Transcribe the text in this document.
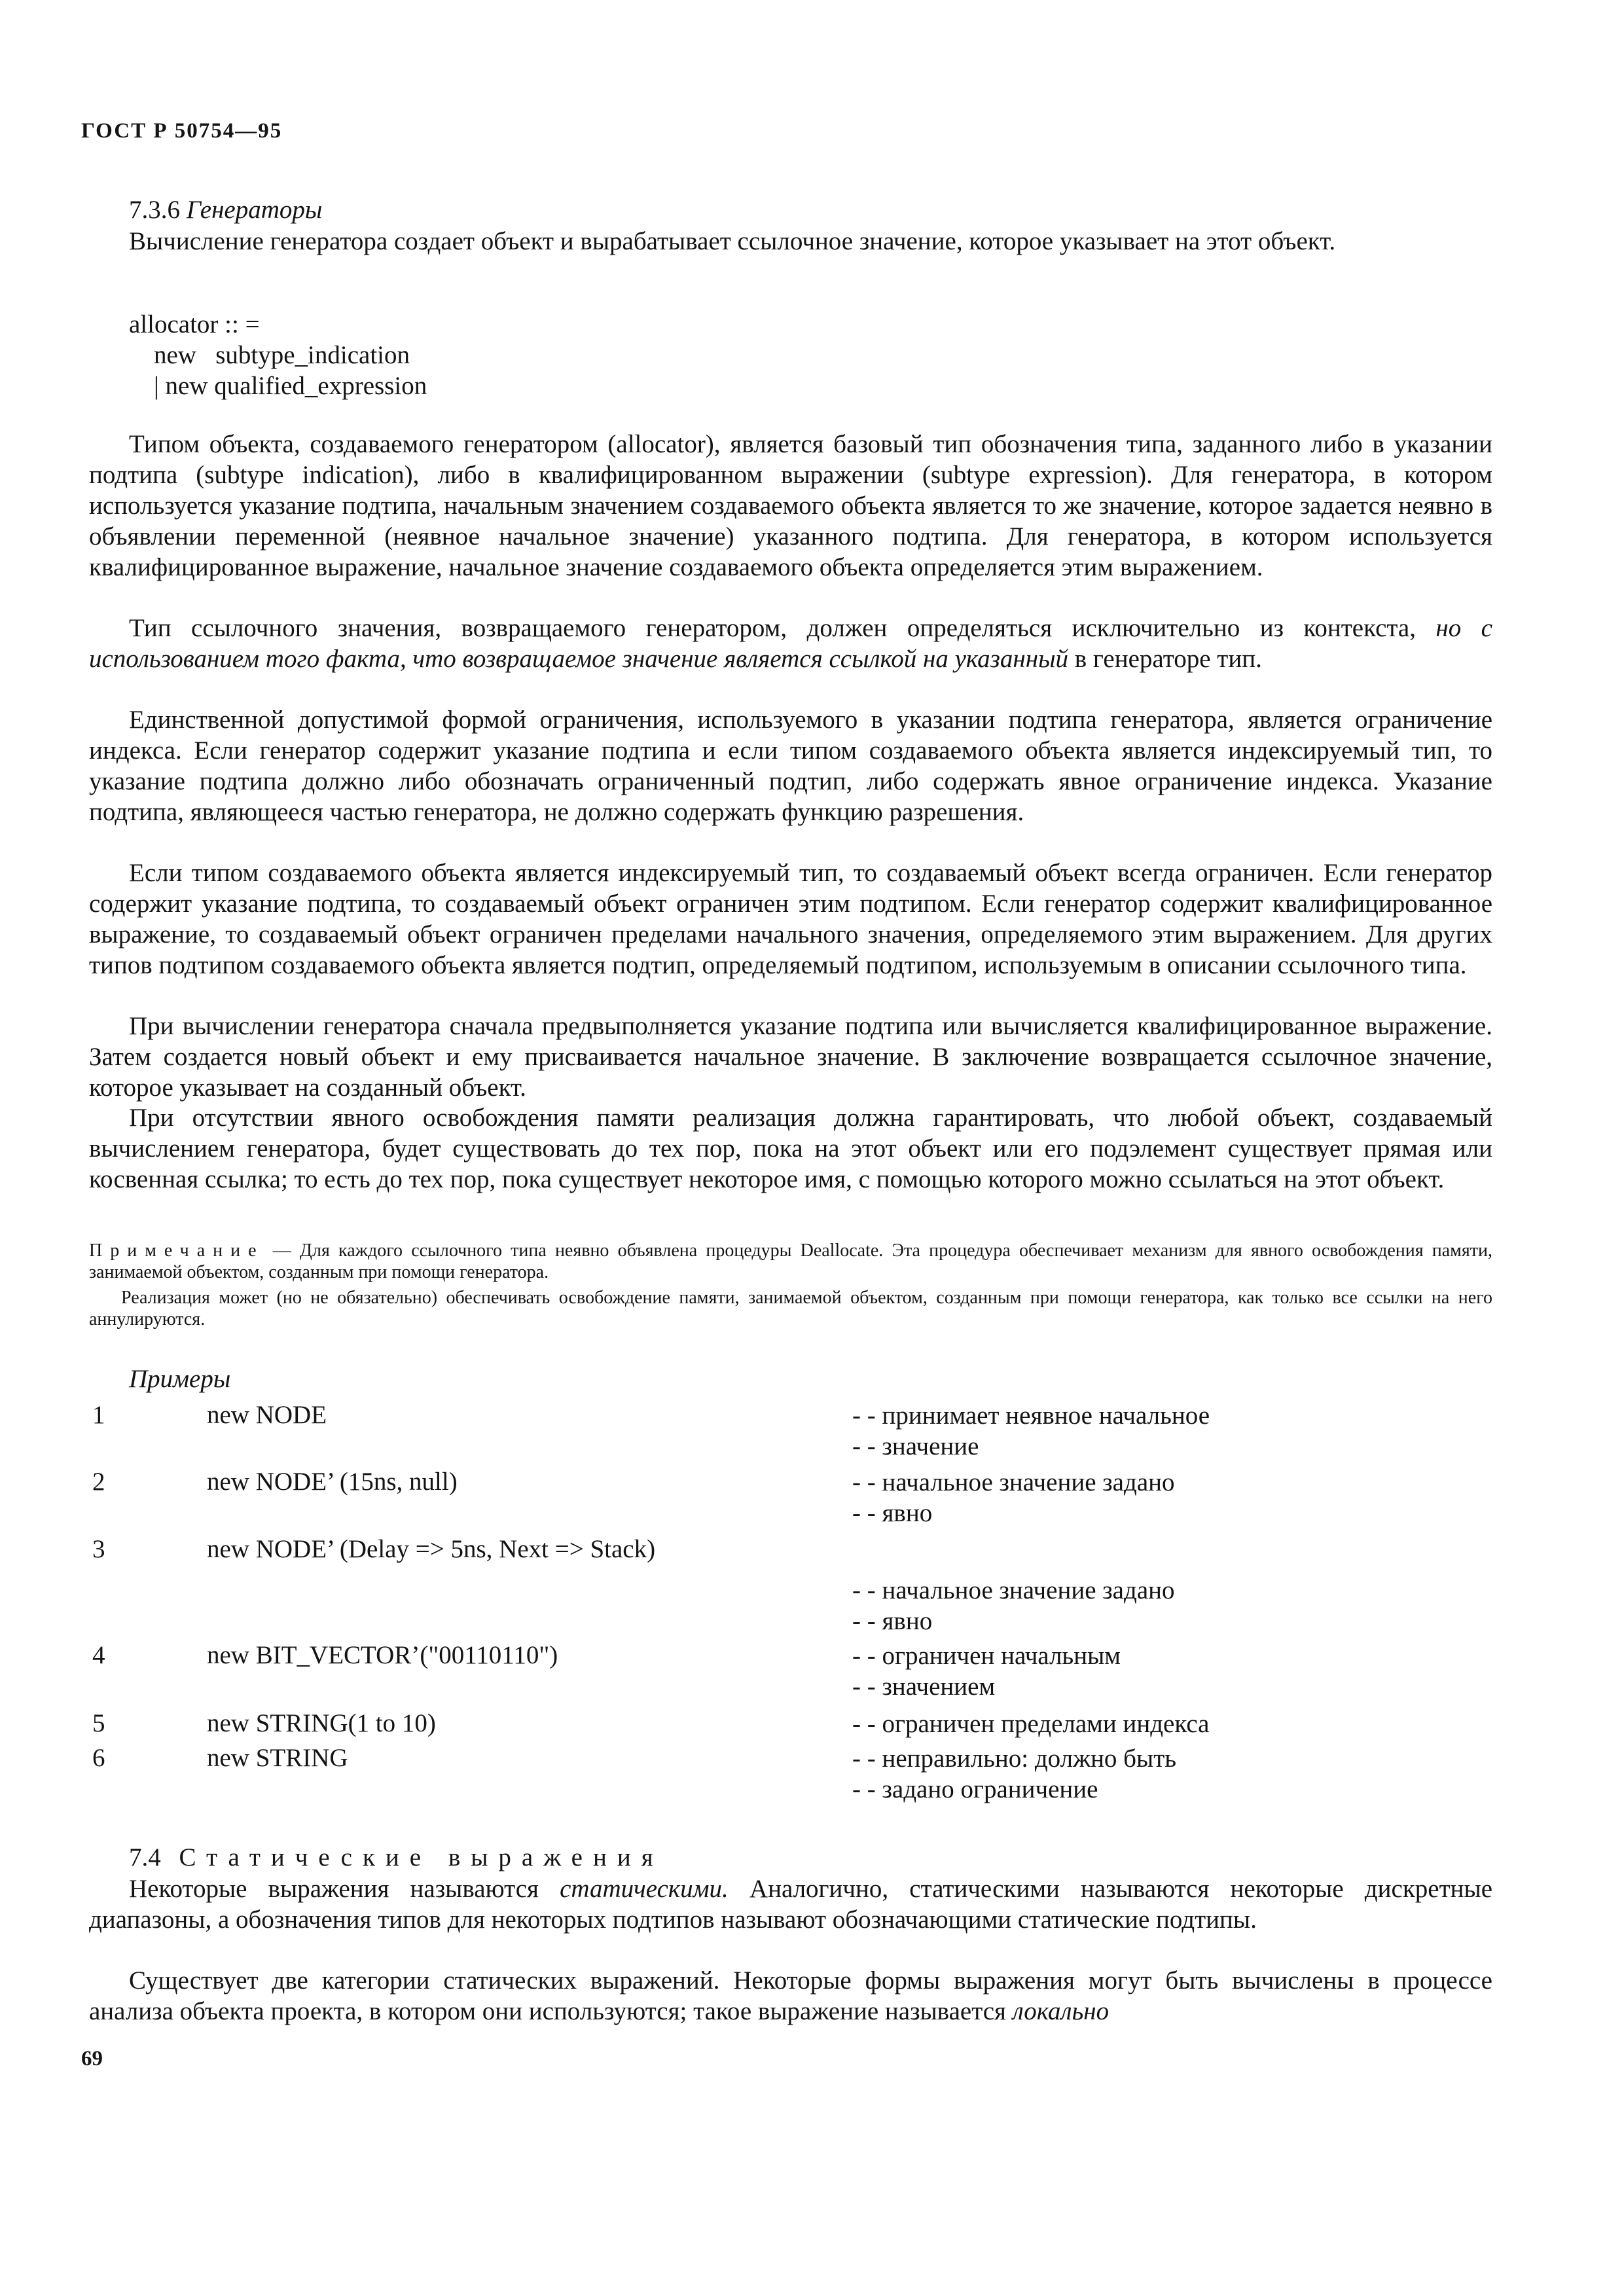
ГОСТ Р 50754—95
7.3.6 Генераторы
Вычисление генератора создает объект и вырабатывает ссылочное значение, которое указывает на этот объект.
allocator :: =
new   subtype_indication
| new qualified_expression
Типом объекта, создаваемого генератором (allocator), является базовый тип обозначения типа, заданного либо в указании подтипа (subtype indication), либо в квалифицированном выражении (subtype expression). Для генератора, в котором используется указание подтипа, начальным значением создаваемого объекта является то же значение, которое задается неявно в объявлении переменной (неявное начальное значение) указанного подтипа. Для генератора, в котором используется квалифицированное выражение, начальное значение создаваемого объекта определяется этим выражением.
Тип ссылочного значения, возвращаемого генератором, должен определяться исключительно из контекста, но с использованием того факта, что возвращаемое значение является ссылкой на указанный в генераторе тип.
Единственной допустимой формой ограничения, используемого в указании подтипа генератора, является ограничение индекса. Если генератор содержит указание подтипа и если типом создаваемого объекта является индексируемый тип, то указание подтипа должно либо обозначать ограниченный подтип, либо содержать явное ограничение индекса. Указание подтипа, являющееся частью генератора, не должно содержать функцию разрешения.
Если типом создаваемого объекта является индексируемый тип, то создаваемый объект всегда ограничен. Если генератор содержит указание подтипа, то создаваемый объект ограничен этим подтипом. Если генератор содержит квалифицированное выражение, то создаваемый объект ограничен пределами начального значения, определяемого этим выражением. Для других типов подтипом создаваемого объекта является подтип, определяемый подтипом, используемым в описании ссылочного типа.
При вычислении генератора сначала предвыполняется указание подтипа или вычисляется квалифицированное выражение. Затем создается новый объект и ему присваивается начальное значение. В заключение возвращается ссылочное значение, которое указывает на созданный объект.
При отсутствии явного освобождения памяти реализация должна гарантировать, что любой объект, создаваемый вычислением генератора, будет существовать до тех пор, пока на этот объект или его подэлемент существует прямая или косвенная ссылка; то есть до тех пор, пока существует некоторое имя, с помощью которого можно ссылаться на этот объект.
Примечание — Для каждого ссылочного типа неявно объявлена процедуры Deallocate. Эта процедура обеспечивает механизм для явного освобождения памяти, занимаемой объектом, созданным при помощи генератора.
Реализация может (но не обязательно) обеспечивать освобождение памяти, занимаемой объектом, созданным при помощи генератора, как только все ссылки на него аннулируются.
Примеры
1	new NODE	- - принимает неявное начальное
- - значение
2	new NODE’ (15ns, null)	- - начальное значение задано
- - явно
3	new NODE’ (Delay => 5ns, Next => Stack)
- - начальное значение задано
- - явно
4	new BIT_VECTOR’("00110110")	- - ограничен начальным
- - значением
5	new STRING(1 to 10)	- - ограничен пределами индекса
6	new STRING	- - неправильно: должно быть
- - задано ограничение
7.4 Статические выражения
Некоторые выражения называются статическими. Аналогично, статическими называются некоторые дискретные диапазоны, а обозначения типов для некоторых подтипов называют обозначающими статические подтипы.
Существует две категории статических выражений. Некоторые формы выражения могут быть вычислены в процессе анализа объекта проекта, в котором они используются; такое выражение называется локально
69
